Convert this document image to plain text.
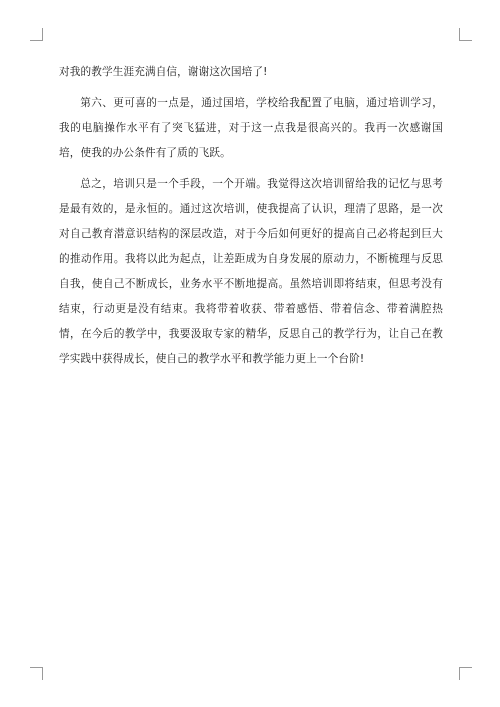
对我的教学生涯充满自信，谢谢这次国培了!

第六、更可喜的一点是，通过国培，学校给我配置了电脑，通过培训学习，我的电脑操作水平有了突飞猛进，对于这一点我是很高兴的。我再一次感谢国培，使我的办公条件有了质的飞跃。

总之，培训只是一个手段，一个开端。我觉得这次培训留给我的记忆与思考是最有效的，是永恒的。通过这次培训，使我提高了认识，理清了思路，是一次对自己教育潜意识结构的深层改造，对于今后如何更好的提高自己必将起到巨大的推动作用。我将以此为起点，让差距成为自身发展的原动力，不断梳理与反思自我，使自己不断成长，业务水平不断地提高。虽然培训即将结束，但思考没有结束，行动更是没有结束。我将带着收获、带着感悟、带着信念、带着满腔热情，在今后的教学中，我要汲取专家的精华，反思自己的教学行为，让自己在教学实践中获得成长，使自己的教学水平和教学能力更上一个台阶!
